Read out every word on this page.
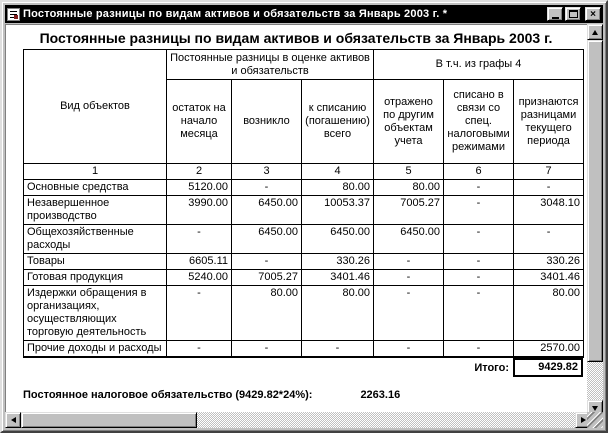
Постоянные разницы по видам активов и обязательств за Январь 2003 г. *	×
Постоянные разницы по видам активов и обязательств за Январь 2003 г.
Вид объектов	Постоянные разницы в оценке активов и обязательств			В т.ч. из графы 4		
	остаток на начало месяца	возникло	к списанию (погашению) всего	отражено по другим объектам учета	списано в связи со спец. налоговыми режимами	признаются разницами текущего периода
1	2	3	4	5	6	7
Основные средства	5120.00	-	80.00	80.00	-	-
Незавершенное производство	3990.00	6450.00	10053.37	7005.27	-	3048.10
Общехозяйственные расходы	-	6450.00	6450.00	6450.00	-	-
Товары	6605.11	-	330.26	-	-	330.26
Готовая продукция	5240.00	7005.27	3401.46	-	-	3401.46
Издержки обращения в организациях, осуществляющих торговую деятельность	-	80.00	80.00	-	-	80.00
Прочие доходы и расходы	-	-	-	-	-	2570.00
Итого:	9429.82
Постоянное налоговое обязательство (9429.82*24%):	2263.16
